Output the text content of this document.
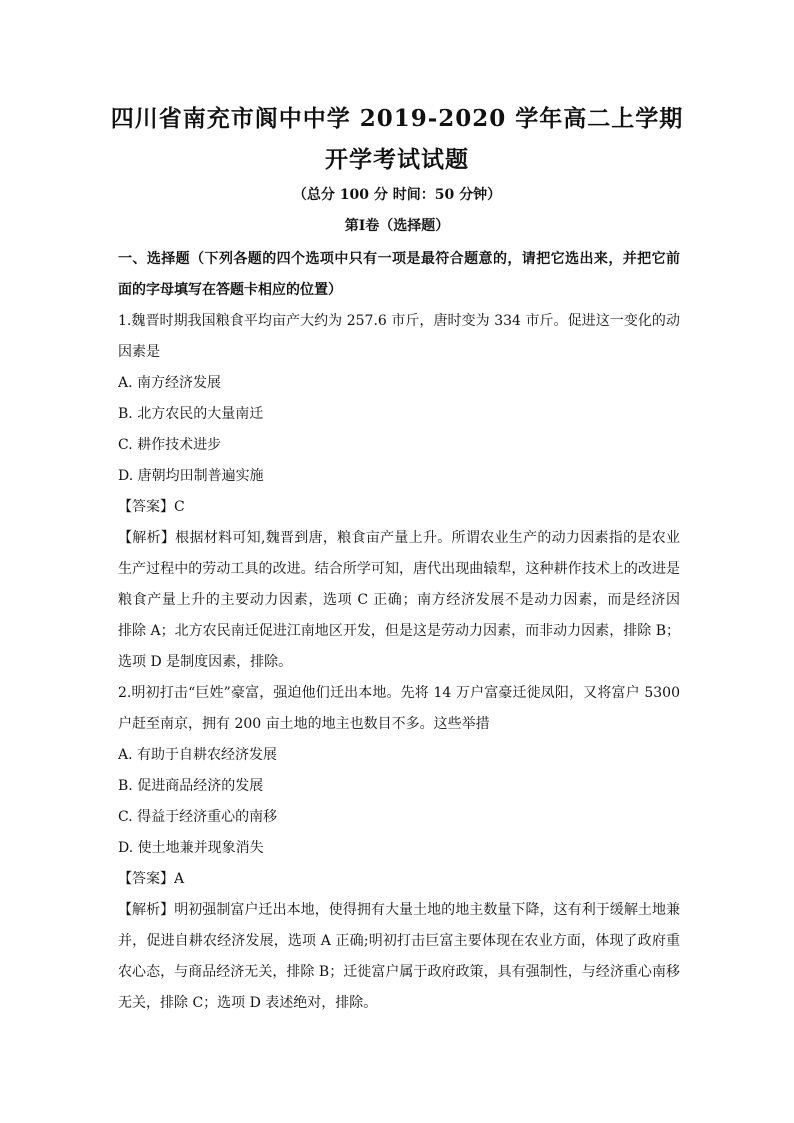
四川省南充市阆中中学 2019-2020 学年高二上学期
开学考试试题
（总分 100 分 时间：50 分钟）
第Ⅰ卷（选择题）
一、选择题（下列各题的四个选项中只有一项是最符合题意的，请把它选出来，并把它前
面的字母填写在答题卡相应的位置）
1.魏晋时期我国粮食平均亩产大约为 257.6 市斤，唐时变为 334 市斤。促进这一变化的动
因素是
A. 南方经济发展
B. 北方农民的大量南迁
C. 耕作技术进步
D. 唐朝均田制普遍实施
【答案】C
【解析】根据材料可知,魏晋到唐，粮食亩产量上升。所谓农业生产的动力因素指的是农业
生产过程中的劳动工具的改进。结合所学可知，唐代出现曲辕犁，这种耕作技术上的改进是
粮食产量上升的主要动力因素，选项 C 正确；南方经济发展不是动力因素，而是经济因
排除 A；北方农民南迁促进江南地区开发，但是这是劳动力因素，而非动力因素，排除 B；
选项 D 是制度因素，排除。
2.明初打击“巨姓”豪富，强迫他们迁出本地。先将 14 万户富豪迁徙凤阳，又将富户 5300
户赶至南京，拥有 200 亩土地的地主也数目不多。这些举措
A. 有助于自耕农经济发展
B. 促进商品经济的发展
C. 得益于经济重心的南移
D. 使土地兼并现象消失
【答案】A
【解析】明初强制富户迁出本地，使得拥有大量土地的地主数量下降，这有利于缓解土地兼
并，促进自耕农经济发展，选项 A 正确;明初打击巨富主要体现在农业方面，体现了政府重
农心态，与商品经济无关，排除 B；迁徙富户属于政府政策，具有强制性，与经济重心南移
无关，排除 C；选项 D 表述绝对，排除。
